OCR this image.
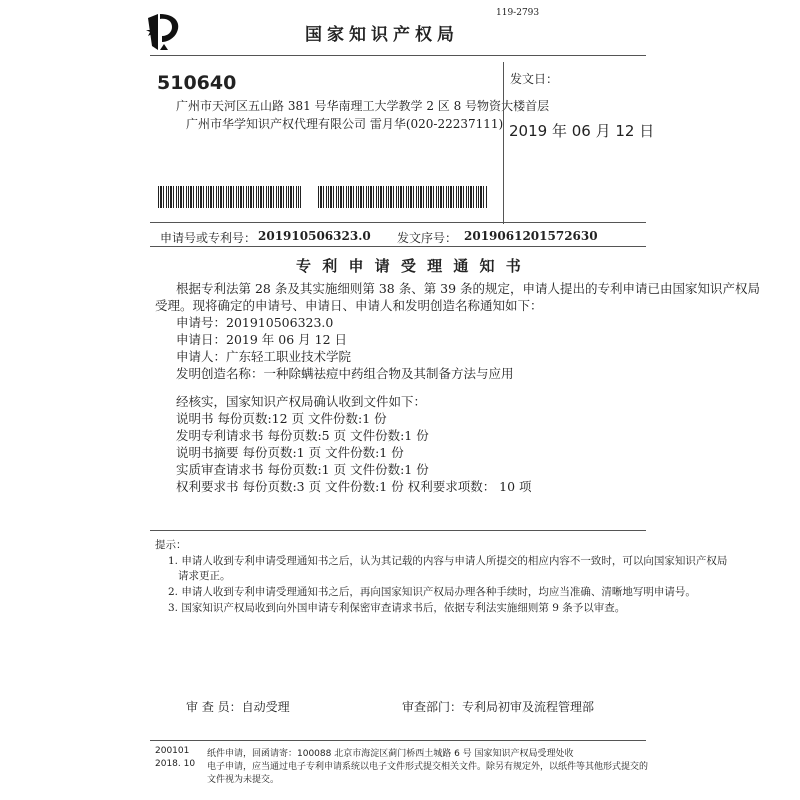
国家知识产权局
119-2793
510640
广州市天河区五山路 381 号华南理工大学教学 2 区 8 号物资大楼首层
广州市华学知识产权代理有限公司 雷月华(020-22237111)
发文日：
2019 年 06 月 12 日
申请号或专利号： 201910506323.0 发文序号： 2019061201572630
专 利 申 请 受 理 通 知 书
根据专利法第 28 条及其实施细则第 38 条、第 39 条的规定，申请人提出的专利申请已由国家知识产权局
受理。现将确定的申请号、申请日、申请人和发明创造名称通知如下：
申请号：201910506323.0
申请日：2019 年 06 月 12 日
申请人：广东轻工职业技术学院
发明创造名称：一种除螨祛痘中药组合物及其制备方法与应用
经核实，国家知识产权局确认收到文件如下：
说明书 每份页数:12 页 文件份数:1 份
发明专利请求书 每份页数:5 页 文件份数:1 份
说明书摘要 每份页数:1 页 文件份数:1 份
实质审查请求书 每份页数:1 页 文件份数:1 份
权利要求书 每份页数:3 页 文件份数:1 份 权利要求项数： 10 项
提示：
1. 申请人收到专利申请受理通知书之后，认为其记载的内容与申请人所提交的相应内容不一致时，可以向国家知识产权局
请求更正。
2. 申请人收到专利申请受理通知书之后，再向国家知识产权局办理各种手续时，均应当准确、清晰地写明申请号。
3. 国家知识产权局收到向外国申请专利保密审查请求书后，依据专利法实施细则第 9 条予以审查。
审 查 员：自动受理	审查部门：专利局初审及流程管理部
200101
2018. 10
纸件申请，回函请寄：100088 北京市海淀区蓟门桥西土城路 6 号 国家知识产权局受理处收
电子申请，应当通过电子专利申请系统以电子文件形式提交相关文件。除另有规定外，以纸件等其他形式提交的
文件视为未提交。
